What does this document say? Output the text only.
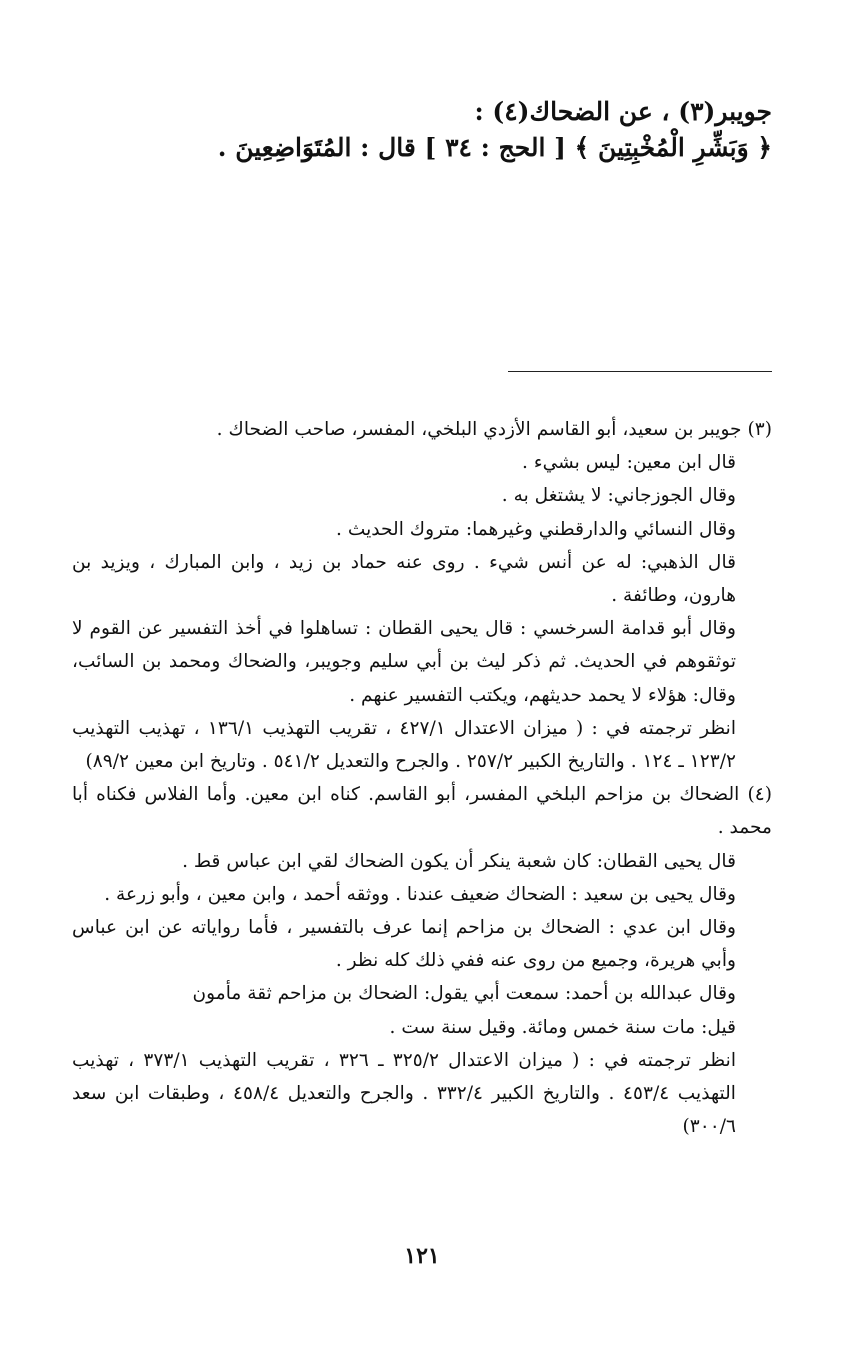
جويبر(٣) ، عن الضحاك(٤) :
﴿ وَبَشِّرِ الْمُخْبِتِينَ ﴾ [ الحج : ٣٤ ] قال : المُتَوَاضِعِينَ .

(٣) جويبر بن سعيد، أبو القاسم الأزدي البلخي، المفسر، صاحب الضحاك .

قال ابن معين: ليس بشيء .

وقال الجوزجاني: لا يشتغل به .

وقال النسائي والدارقطني وغيرهما: متروك الحديث .

قال الذهبي: له عن أنس شيء . روى عنه حماد بن زيد ، وابن المبارك ، ويزيد بن هارون، وطائفة .

وقال أبو قدامة السرخسي : قال يحيى القطان : تساهلوا في أخذ التفسير عن القوم لا توثقوهم في الحديث. ثم ذكر ليث بن أبي سليم وجويبر، والضحاك ومحمد بن السائب، وقال: هؤلاء لا يحمد حديثهم، ويكتب التفسير عنهم .

انظر ترجمته في : ( ميزان الاعتدال ٤٢٧/١ ، تقريب التهذيب ١٣٦/١ ، تهذيب التهذيب ١٢٣/٢ ـ ١٢٤ . والتاريخ الكبير ٢٥٧/٢ . والجرح والتعديل ٥٤١/٢ . وتاريخ ابن معين ٨٩/٢)

(٤) الضحاك بن مزاحم البلخي المفسر، أبو القاسم. كناه ابن معين. وأما الفلاس فكناه أبا محمد .

قال يحيى القطان: كان شعبة ينكر أن يكون الضحاك لقي ابن عباس قط .

وقال يحيى بن سعيد : الضحاك ضعيف عندنا . ووثقه أحمد ، وابن معين ، وأبو زرعة .

وقال ابن عدي : الضحاك بن مزاحم إنما عرف بالتفسير ، فأما رواياته عن ابن عباس وأبي هريرة، وجميع من روى عنه ففي ذلك كله نظر .

وقال عبدالله بن أحمد: سمعت أبي يقول: الضحاك بن مزاحم ثقة مأمون

قيل: مات سنة خمس ومائة. وقيل سنة ست .

انظر ترجمته في : ( ميزان الاعتدال ٣٢٥/٢ ـ ٣٢٦ ، تقريب التهذيب ٣٧٣/١ ، تهذيب التهذيب ٤٥٣/٤ . والتاريخ الكبير ٣٣٢/٤ . والجرح والتعديل ٤٥٨/٤ ، وطبقات ابن سعد ٣٠٠/٦)

١٢١
